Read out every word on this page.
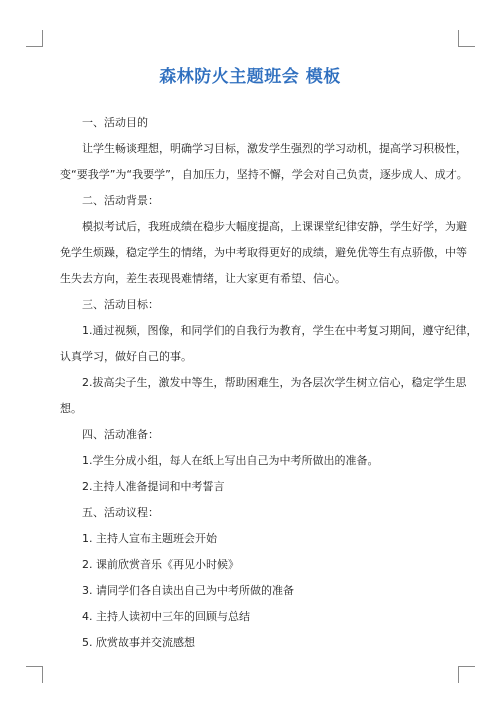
森林防火主题班会 模板
一、活动目的
让学生畅谈理想，明确学习目标，激发学生强烈的学习动机，提高学习积极性，
变“要我学”为“我要学”，自加压力，坚持不懈，学会对自己负责，逐步成人、成才。
二、活动背景：
模拟考试后，我班成绩在稳步大幅度提高，上课课堂纪律安静，学生好学，为避
免学生烦躁，稳定学生的情绪，为中考取得更好的成绩，避免优等生有点骄傲，中等
生失去方向，差生表现畏难情绪，让大家更有希望、信心。
三、活动目标：
1.通过视频，图像，和同学们的自我行为教育，学生在中考复习期间，遵守纪律，
认真学习，做好自己的事。
2.拔高尖子生，激发中等生，帮助困难生，为各层次学生树立信心，稳定学生思
想。
四、活动准备：
1.学生分成小组，每人在纸上写出自己为中考所做出的准备。
2.主持人准备提词和中考誓言
五、活动议程：
1. 主持人宣布主题班会开始
2. 课前欣赏音乐《再见小时候》
3. 请同学们各自读出自己为中考所做的准备
4. 主持人读初中三年的回顾与总结
5. 欣赏故事并交流感想
